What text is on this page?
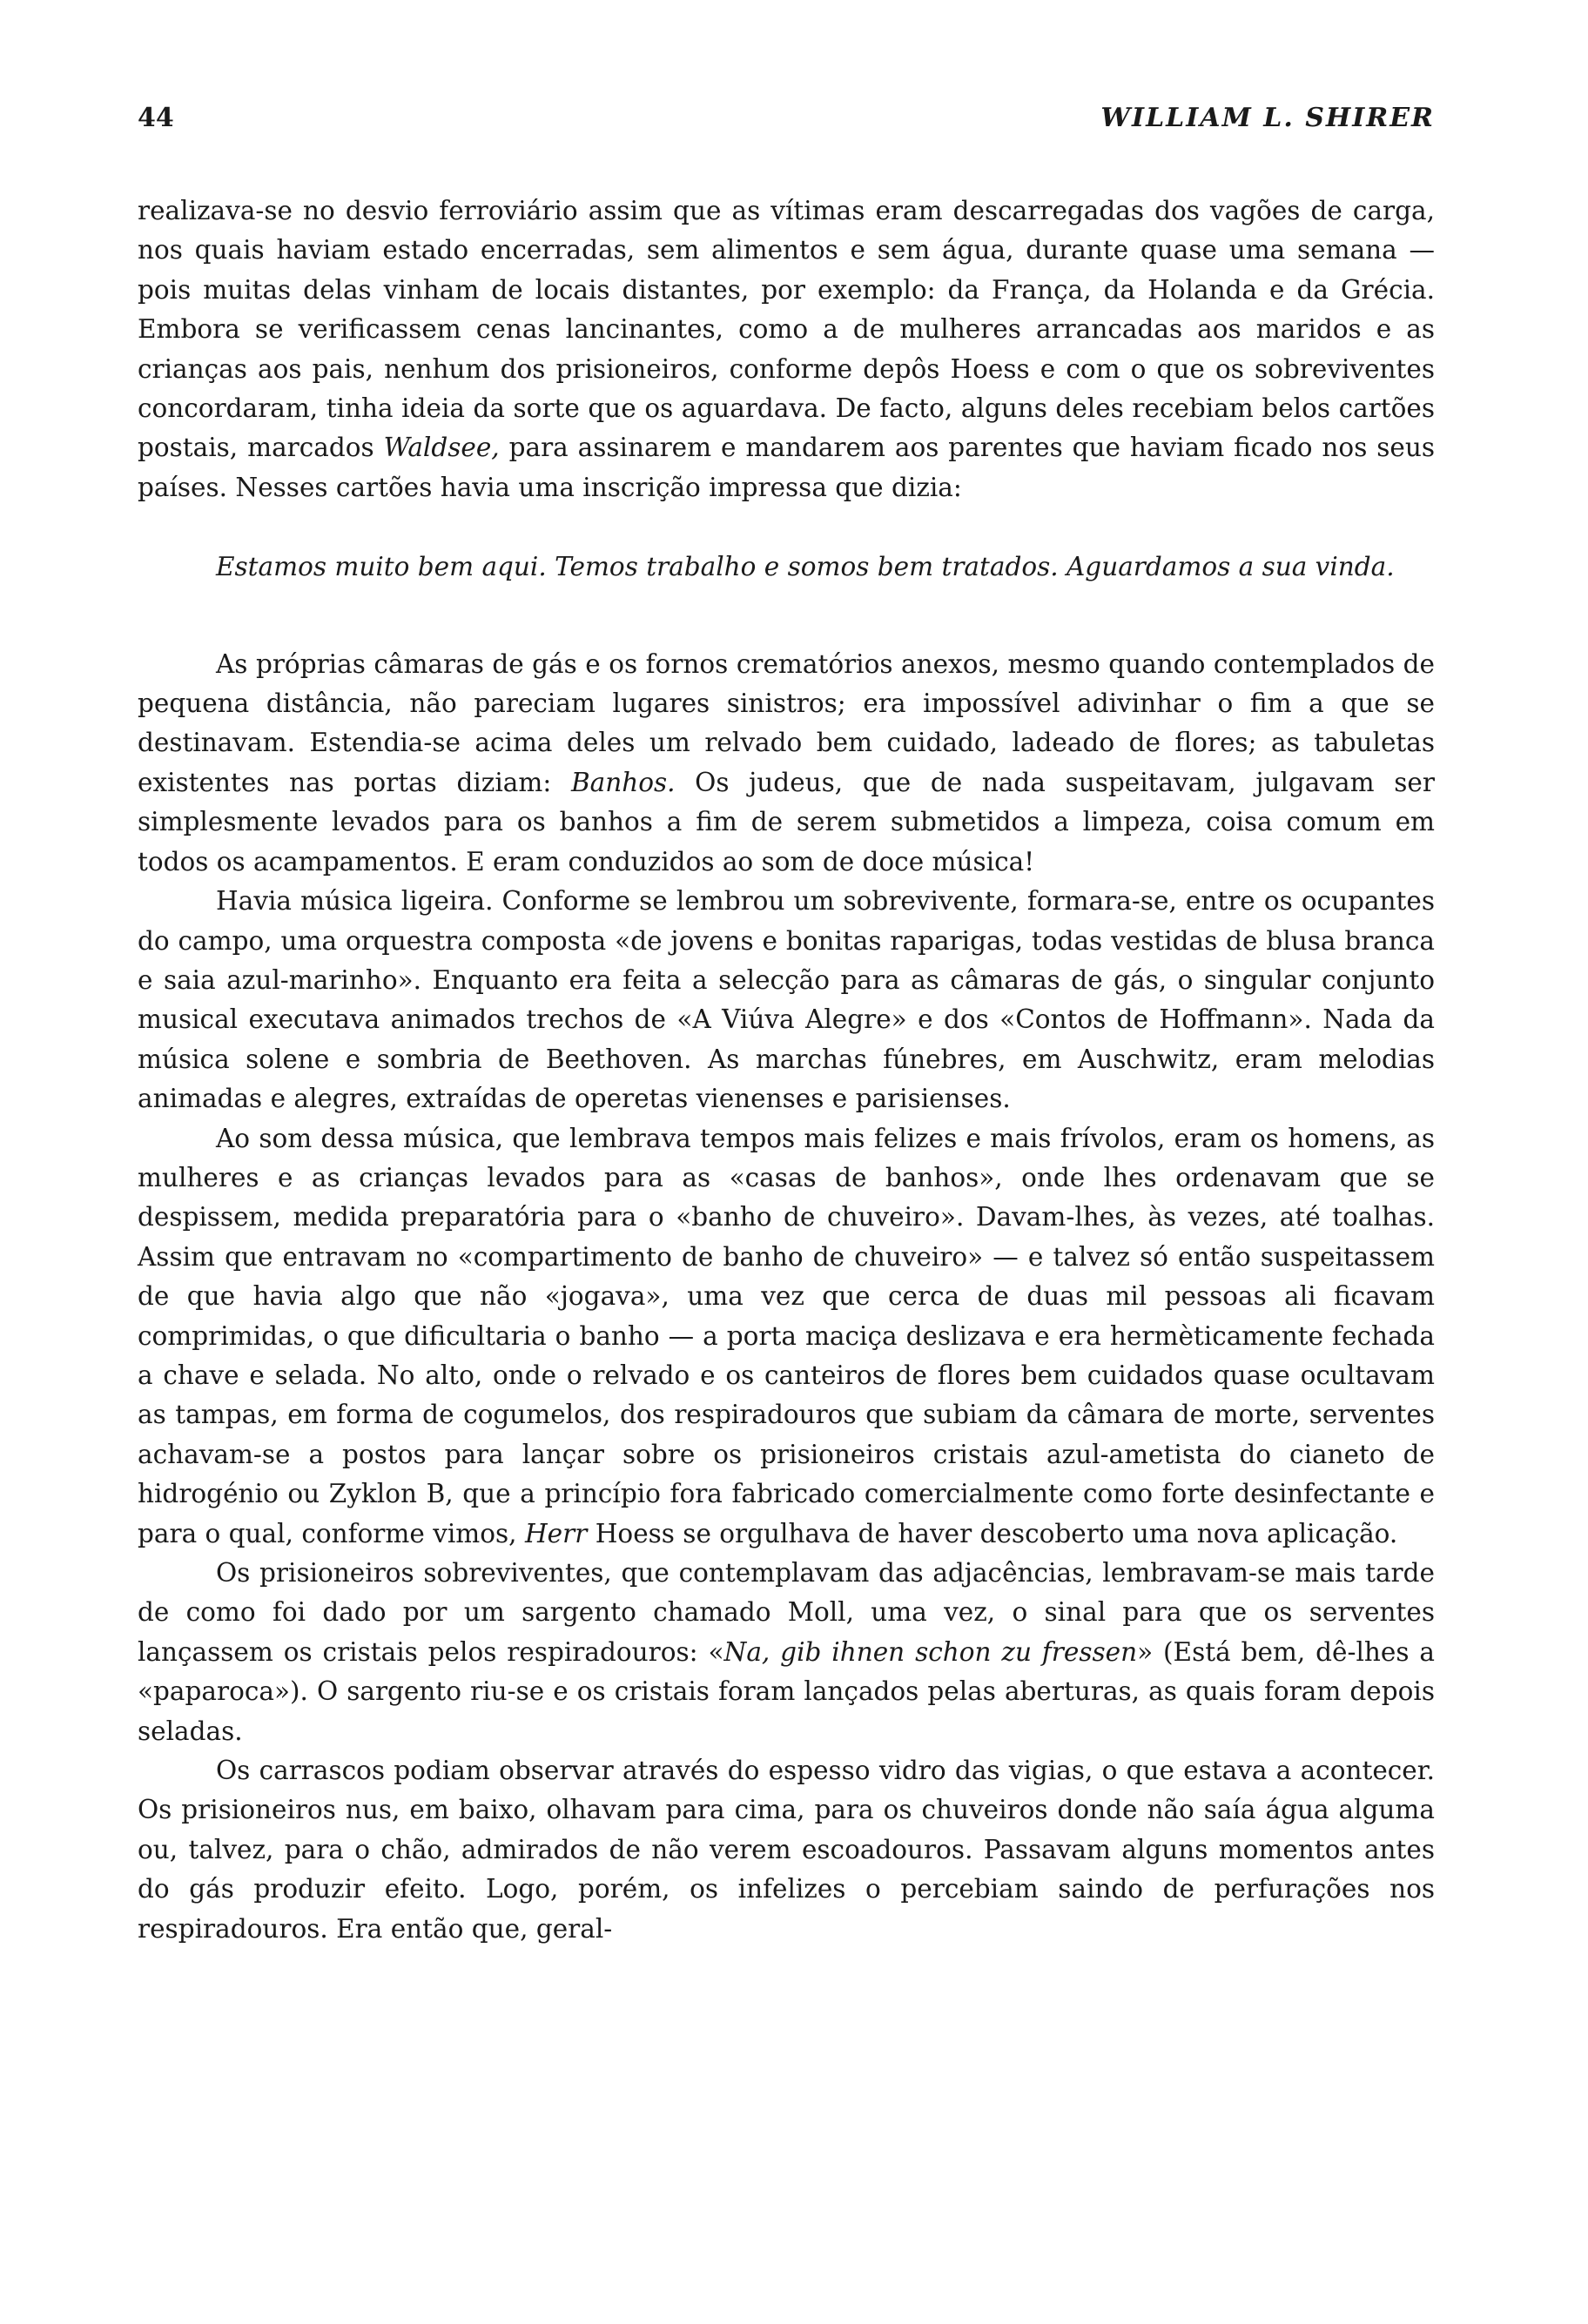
44	WILLIAM L. SHIRER

realizava-se no desvio ferroviário assim que as vítimas eram descarregadas dos vagões de carga, nos quais haviam estado encerradas, sem alimentos e sem água, durante quase uma semana — pois muitas delas vinham de locais distantes, por exemplo: da França, da Holanda e da Grécia. Embora se verificassem cenas lancinantes, como a de mulheres arrancadas aos maridos e as crianças aos pais, nenhum dos prisioneiros, conforme depôs Hoess e com o que os sobreviventes concordaram, tinha ideia da sorte que os aguardava. De facto, alguns deles recebiam belos cartões postais, marcados Waldsee, para assinarem e mandarem aos parentes que haviam ficado nos seus países. Nesses cartões havia uma inscrição impressa que dizia:

Estamos muito bem aqui. Temos trabalho e somos bem tratados. Aguardamos a sua vinda.

As próprias câmaras de gás e os fornos crematórios anexos, mesmo quando contemplados de pequena distância, não pareciam lugares sinistros; era impossível adivinhar o fim a que se destinavam. Estendia-se acima deles um relvado bem cuidado, ladeado de flores; as tabuletas existentes nas portas diziam: Banhos. Os judeus, que de nada suspeitavam, julgavam ser simplesmente levados para os banhos a fim de serem submetidos a limpeza, coisa comum em todos os acampamentos. E eram conduzidos ao som de doce música!

Havia música ligeira. Conforme se lembrou um sobrevivente, formara-se, entre os ocupantes do campo, uma orquestra composta «de jovens e bonitas raparigas, todas vestidas de blusa branca e saia azul-marinho». Enquanto era feita a selecção para as câmaras de gás, o singular conjunto musical executava animados trechos de «A Viúva Alegre» e dos «Contos de Hoffmann». Nada da música solene e sombria de Beethoven. As marchas fúnebres, em Auschwitz, eram melodias animadas e alegres, extraídas de operetas vienenses e parisienses.

Ao som dessa música, que lembrava tempos mais felizes e mais frívolos, eram os homens, as mulheres e as crianças levados para as «casas de banhos», onde lhes ordenavam que se despissem, medida preparatória para o «banho de chuveiro». Davam-lhes, às vezes, até toalhas. Assim que entravam no «compartimento de banho de chuveiro» — e talvez só então suspeitassem de que havia algo que não «jogava», uma vez que cerca de duas mil pessoas ali ficavam comprimidas, o que dificultaria o banho — a porta maciça deslizava e era hermèticamente fechada a chave e selada. No alto, onde o relvado e os canteiros de flores bem cuidados quase ocultavam as tampas, em forma de cogumelos, dos respiradouros que subiam da câmara de morte, serventes achavam-se a postos para lançar sobre os prisioneiros cristais azul-ametista do cianeto de hidrogénio ou Zyklon B, que a princípio fora fabricado comercialmente como forte desinfectante e para o qual, conforme vimos, Herr Hoess se orgulhava de haver descoberto uma nova aplicação.

Os prisioneiros sobreviventes, que contemplavam das adjacências, lembravam-se mais tarde de como foi dado por um sargento chamado Moll, uma vez, o sinal para que os serventes lançassem os cristais pelos respiradouros: «Na, gib ihnen schon zu fressen» (Está bem, dê-lhes a «paparoca»). O sargento riu-se e os cristais foram lançados pelas aberturas, as quais foram depois seladas.

Os carrascos podiam observar através do espesso vidro das vigias, o que estava a acontecer. Os prisioneiros nus, em baixo, olhavam para cima, para os chuveiros donde não saía água alguma ou, talvez, para o chão, admirados de não verem escoadouros. Passavam alguns momentos antes do gás produzir efeito. Logo, porém, os infelizes o percebiam saindo de perfurações nos respiradouros. Era então que, geral-
